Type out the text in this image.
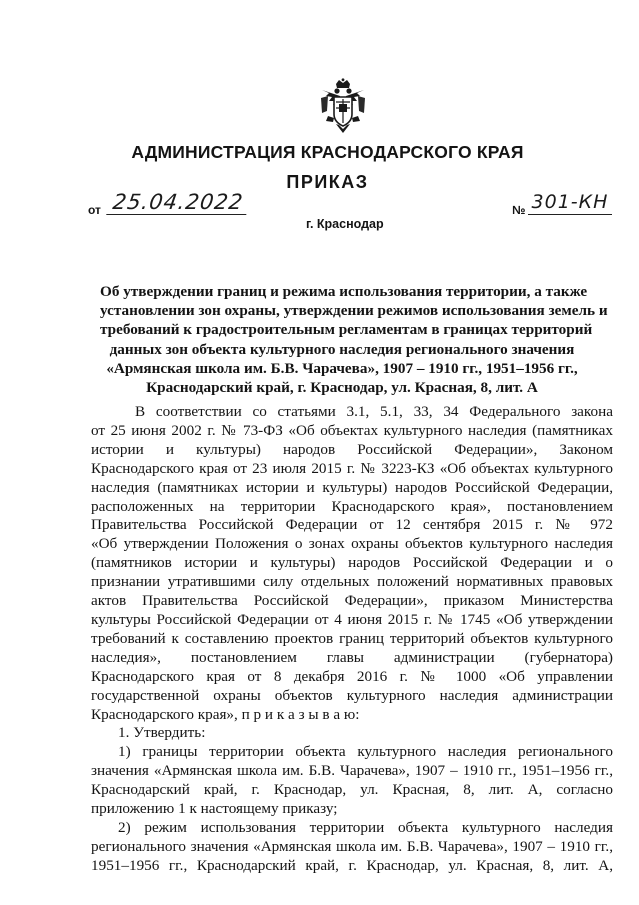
АДМИНИСТРАЦИЯ КРАСНОДАРСКОГО КРАЯ
ПРИКАЗ
от 25.04.2022
г. Краснодар
№ 301-КН
Об утверждении границ и режима использования территории, а также
установлении зон охраны, утверждении режимов использования земель и
требований к градостроительным регламентам в границах территорий
данных зон объекта культурного наследия регионального значения
«Армянская школа им. Б.В. Чарачева», 1907 – 1910 гг., 1951–1956 гг.,
Краснодарский край, г. Краснодар, ул. Красная, 8, лит. А
В соответствии со статьями 3.1, 5.1, 33, 34 Федерального закона
от 25 июня 2002 г. № 73-ФЗ «Об объектах культурного наследия (памятниках
истории и культуры) народов Российской Федерации», Законом
Краснодарского края от 23 июля 2015 г. № 3223-КЗ «Об объектах культурного
наследия (памятниках истории и культуры) народов Российской Федерации,
расположенных на территории Краснодарского края», постановлением
Правительства Российской Федерации от 12 сентября 2015 г. № 972
«Об утверждении Положения о зонах охраны объектов культурного наследия
(памятников истории и культуры) народов Российской Федерации и о
признании утратившими силу отдельных положений нормативных правовых
актов Правительства Российской Федерации», приказом Министерства
культуры Российской Федерации от 4 июня 2015 г. № 1745 «Об утверждении
требований к составлению проектов границ территорий объектов культурного
наследия», постановлением главы администрации (губернатора)
Краснодарского края от 8 декабря 2016 г. № 1000 «Об управлении
государственной охраны объектов культурного наследия администрации
Краснодарского края», п р и к а з ы в а ю:
1. Утвердить:
1) границы территории объекта культурного наследия регионального
значения «Армянская школа им. Б.В. Чарачева», 1907 – 1910 гг., 1951–1956 гг.,
Краснодарский край, г. Краснодар, ул. Красная, 8, лит. А, согласно
приложению 1 к настоящему приказу;
2) режим использования территории объекта культурного наследия
регионального значения «Армянская школа им. Б.В. Чарачева», 1907 – 1910 гг.,
1951–1956 гг., Краснодарский край, г. Краснодар, ул. Красная, 8, лит. А,
